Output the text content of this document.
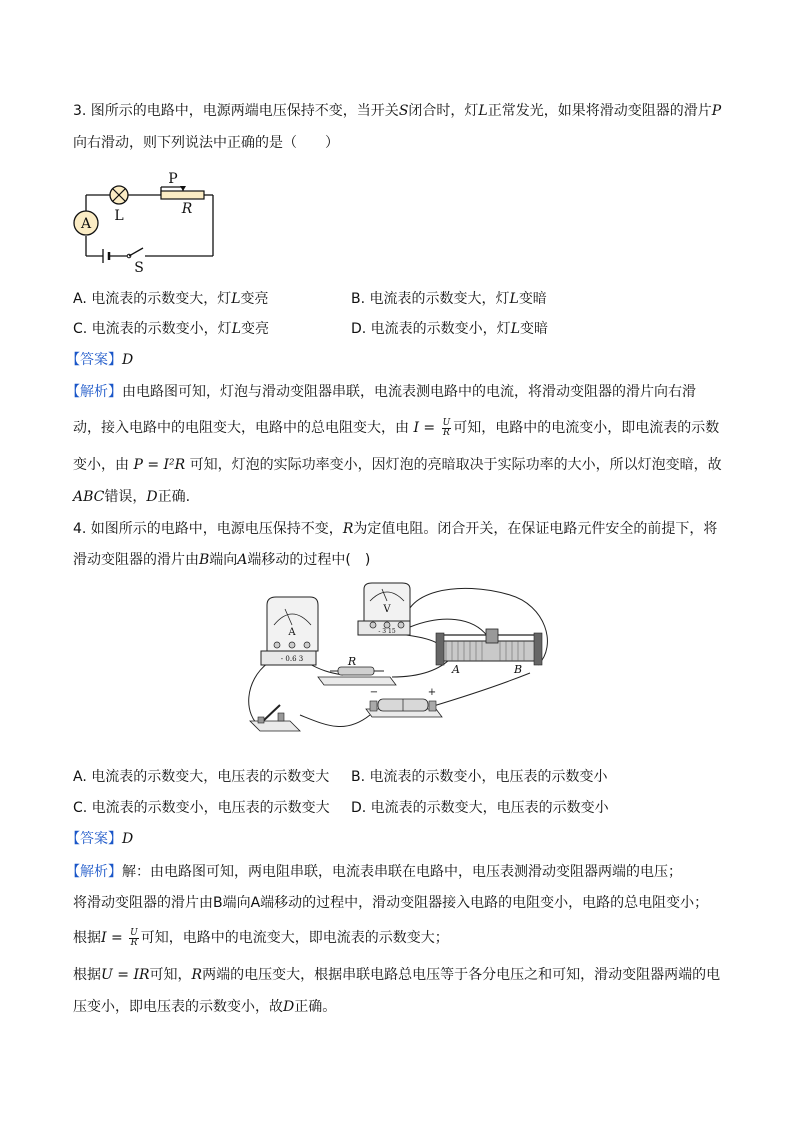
3. 图所示的电路中，电源两端电压保持不变，当开关S闭合时，灯L正常发光，如果将滑动变阻器的滑片P
向右滑动，则下列说法中正确的是（　　）
A L
P
R
S
A. 电流表的示数变大，灯L变亮	B. 电流表的示数变大，灯L变暗
C. 电流表的示数变小，灯L变亮	D. 电流表的示数变小，灯L变暗
【答案】D
【解析】由电路图可知，灯泡与滑动变阻器串联，电流表测电路中的电流，将滑动变阻器的滑片向右滑
动，接入电路中的电阻变大，电路中的总电阻变大，由 $I = \frac{U}{R}$ 可知，电路中的电流变小，即电流表的示数
变小，由 P = I²R 可知，灯泡的实际功率变小，因灯泡的亮暗取决于实际功率的大小，所以灯泡变暗，故
ABC错误，D正确.
4. 如图所示的电路中，电源电压保持不变，R为定值电阻。闭合开关，在保证电路元件安全的前提下，将
滑动变阻器的滑片由B端向A端移动的过程中(　)
A
- 0.6 3
V
- 3 15
R
A	B
−	+
A. 电流表的示数变大，电压表的示数变大 B. 电流表的示数变小，电压表的示数变小
C. 电流表的示数变小，电压表的示数变大 D. 电流表的示数变大，电压表的示数变小
【答案】D
【解析】解：由电路图可知，两电阻串联，电流表串联在电路中，电压表测滑动变阻器两端的电压；
将滑动变阻器的滑片由B端向A端移动的过程中，滑动变阻器接入电路的电阻变小，电路的总电阻变小；
根据$I = \frac{U}{R}$ 可知，电路中的电流变大，即电流表的示数变大；
根据U = IR可知，R两端的电压变大，根据串联电路总电压等于各分电压之和可知，滑动变阻器两端的电
压变小，即电压表的示数变小，故D正确。
